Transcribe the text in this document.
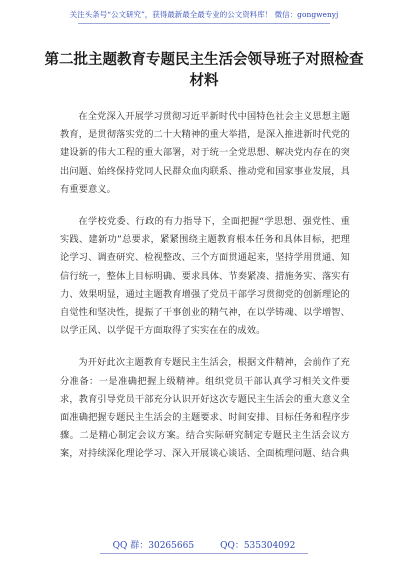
关注头条号“公文研究”，获得最新最全最专业的公文资料库！ 微信：gongwenyj
第二批主题教育专题民主生活会领导班子对照检查材料

在全党深入开展学习贯彻习近平新时代中国特色社会主义思想主题教育，是贯彻落实党的二十大精神的重大举措，是深入推进新时代党的建设新的伟大工程的重大部署，对于统一全党思想、解决党内存在的突出问题、始终保持党同人民群众血肉联系、推动党和国家事业发展，具有重要意义。

在学校党委、行政的有力指导下，全面把握“学思想、强党性、重实践、建新功”总要求，紧紧围绕主题教育根本任务和具体目标，把理论学习、调查研究、检视整改、三个方面贯通起来，坚持学用贯通、知信行统一，整体上目标明确、要求具体、节奏紧凑、措施务实、落实有力、效果明显，通过主题教育增强了党员干部学习贯彻党的创新理论的自觉性和坚决性，提振了干事创业的精气神，在以学铸魂、以学增智、以学正风、以学促干方面取得了实实在在的成效。

为开好此次主题教育专题民主生活会，根据文件精神，会前作了充分准备：一是准确把握上级精神。组织党员干部认真学习相关文件要求，教育引导党员干部充分认识开好这次专题民主生活会的重大意义全面准确把握专题民主生活会的主题要求、时间安排、目标任务和程序步骤。二是精心制定会议方案。结合实际研究制定专题民主生活会议方案，对持续深化理论学习、深入开展谈心谈话、全面梳理问题、结合典

QQ 群：30265665	QQ：535304092
